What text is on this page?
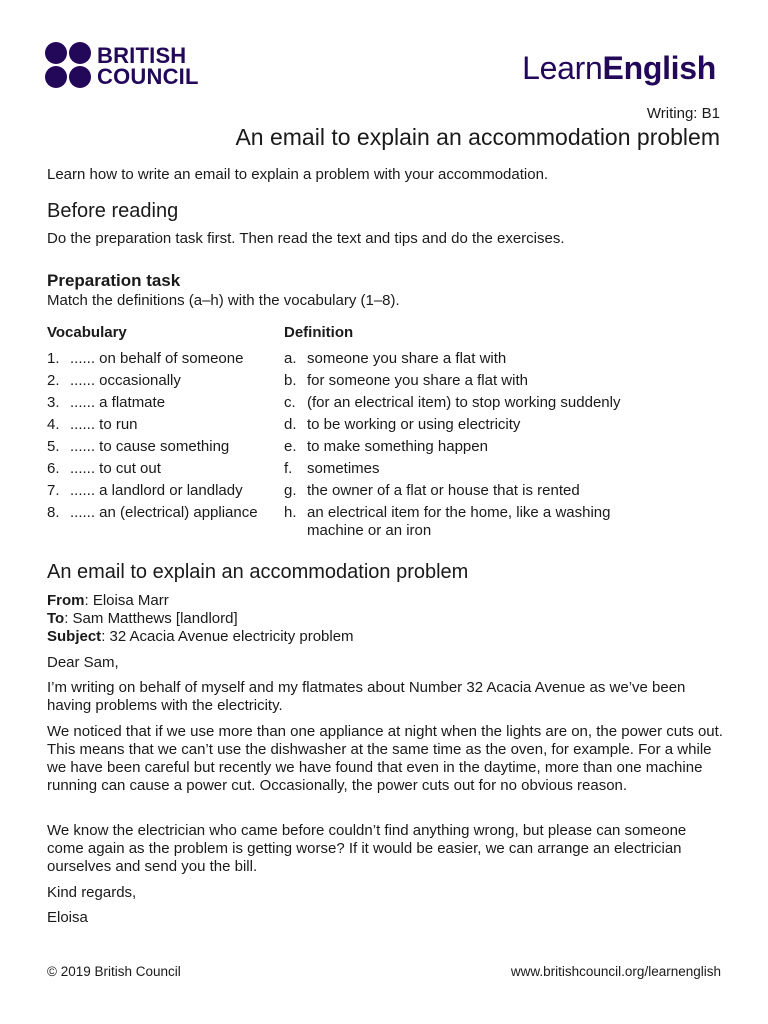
BRITISH
COUNCIL	LearnEnglish
Writing: B1
An email to explain an accommodation problem
Learn how to write an email to explain a problem with your accommodation.
Before reading
Do the preparation task first. Then read the text and tips and do the exercises.
Preparation task
Match the definitions (a–h) with the vocabulary (1–8).
Vocabulary	Definition
1. ...... on behalf of someone	a. someone you share a flat with
2. ...... occasionally	b. for someone you share a flat with
3. ...... a flatmate	c. (for an electrical item) to stop working suddenly
4. ...... to run	d. to be working or using electricity
5. ...... to cause something	e. to make something happen
6. ...... to cut out	f. sometimes
7. ...... a landlord or landlady	g. the owner of a flat or house that is rented
8. ...... an (electrical) appliance h. an electrical item for the home, like a washing machine or an iron
An email to explain an accommodation problem
From: Eloisa Marr
To: Sam Matthews [landlord]
Subject: 32 Acacia Avenue electricity problem
Dear Sam,
I’m writing on behalf of myself and my flatmates about Number 32 Acacia Avenue as we’ve been having problems with the electricity.
We noticed that if we use more than one appliance at night when the lights are on, the power cuts out. This means that we can’t use the dishwasher at the same time as the oven, for example. For a while we have been careful but recently we have found that even in the daytime, more than one machine running can cause a power cut. Occasionally, the power cuts out for no obvious reason.
We know the electrician who came before couldn’t find anything wrong, but please can someone come again as the problem is getting worse? If it would be easier, we can arrange an electrician ourselves and send you the bill.
Kind regards,
Eloisa
© 2019 British Council	www.britishcouncil.org/learnenglish
